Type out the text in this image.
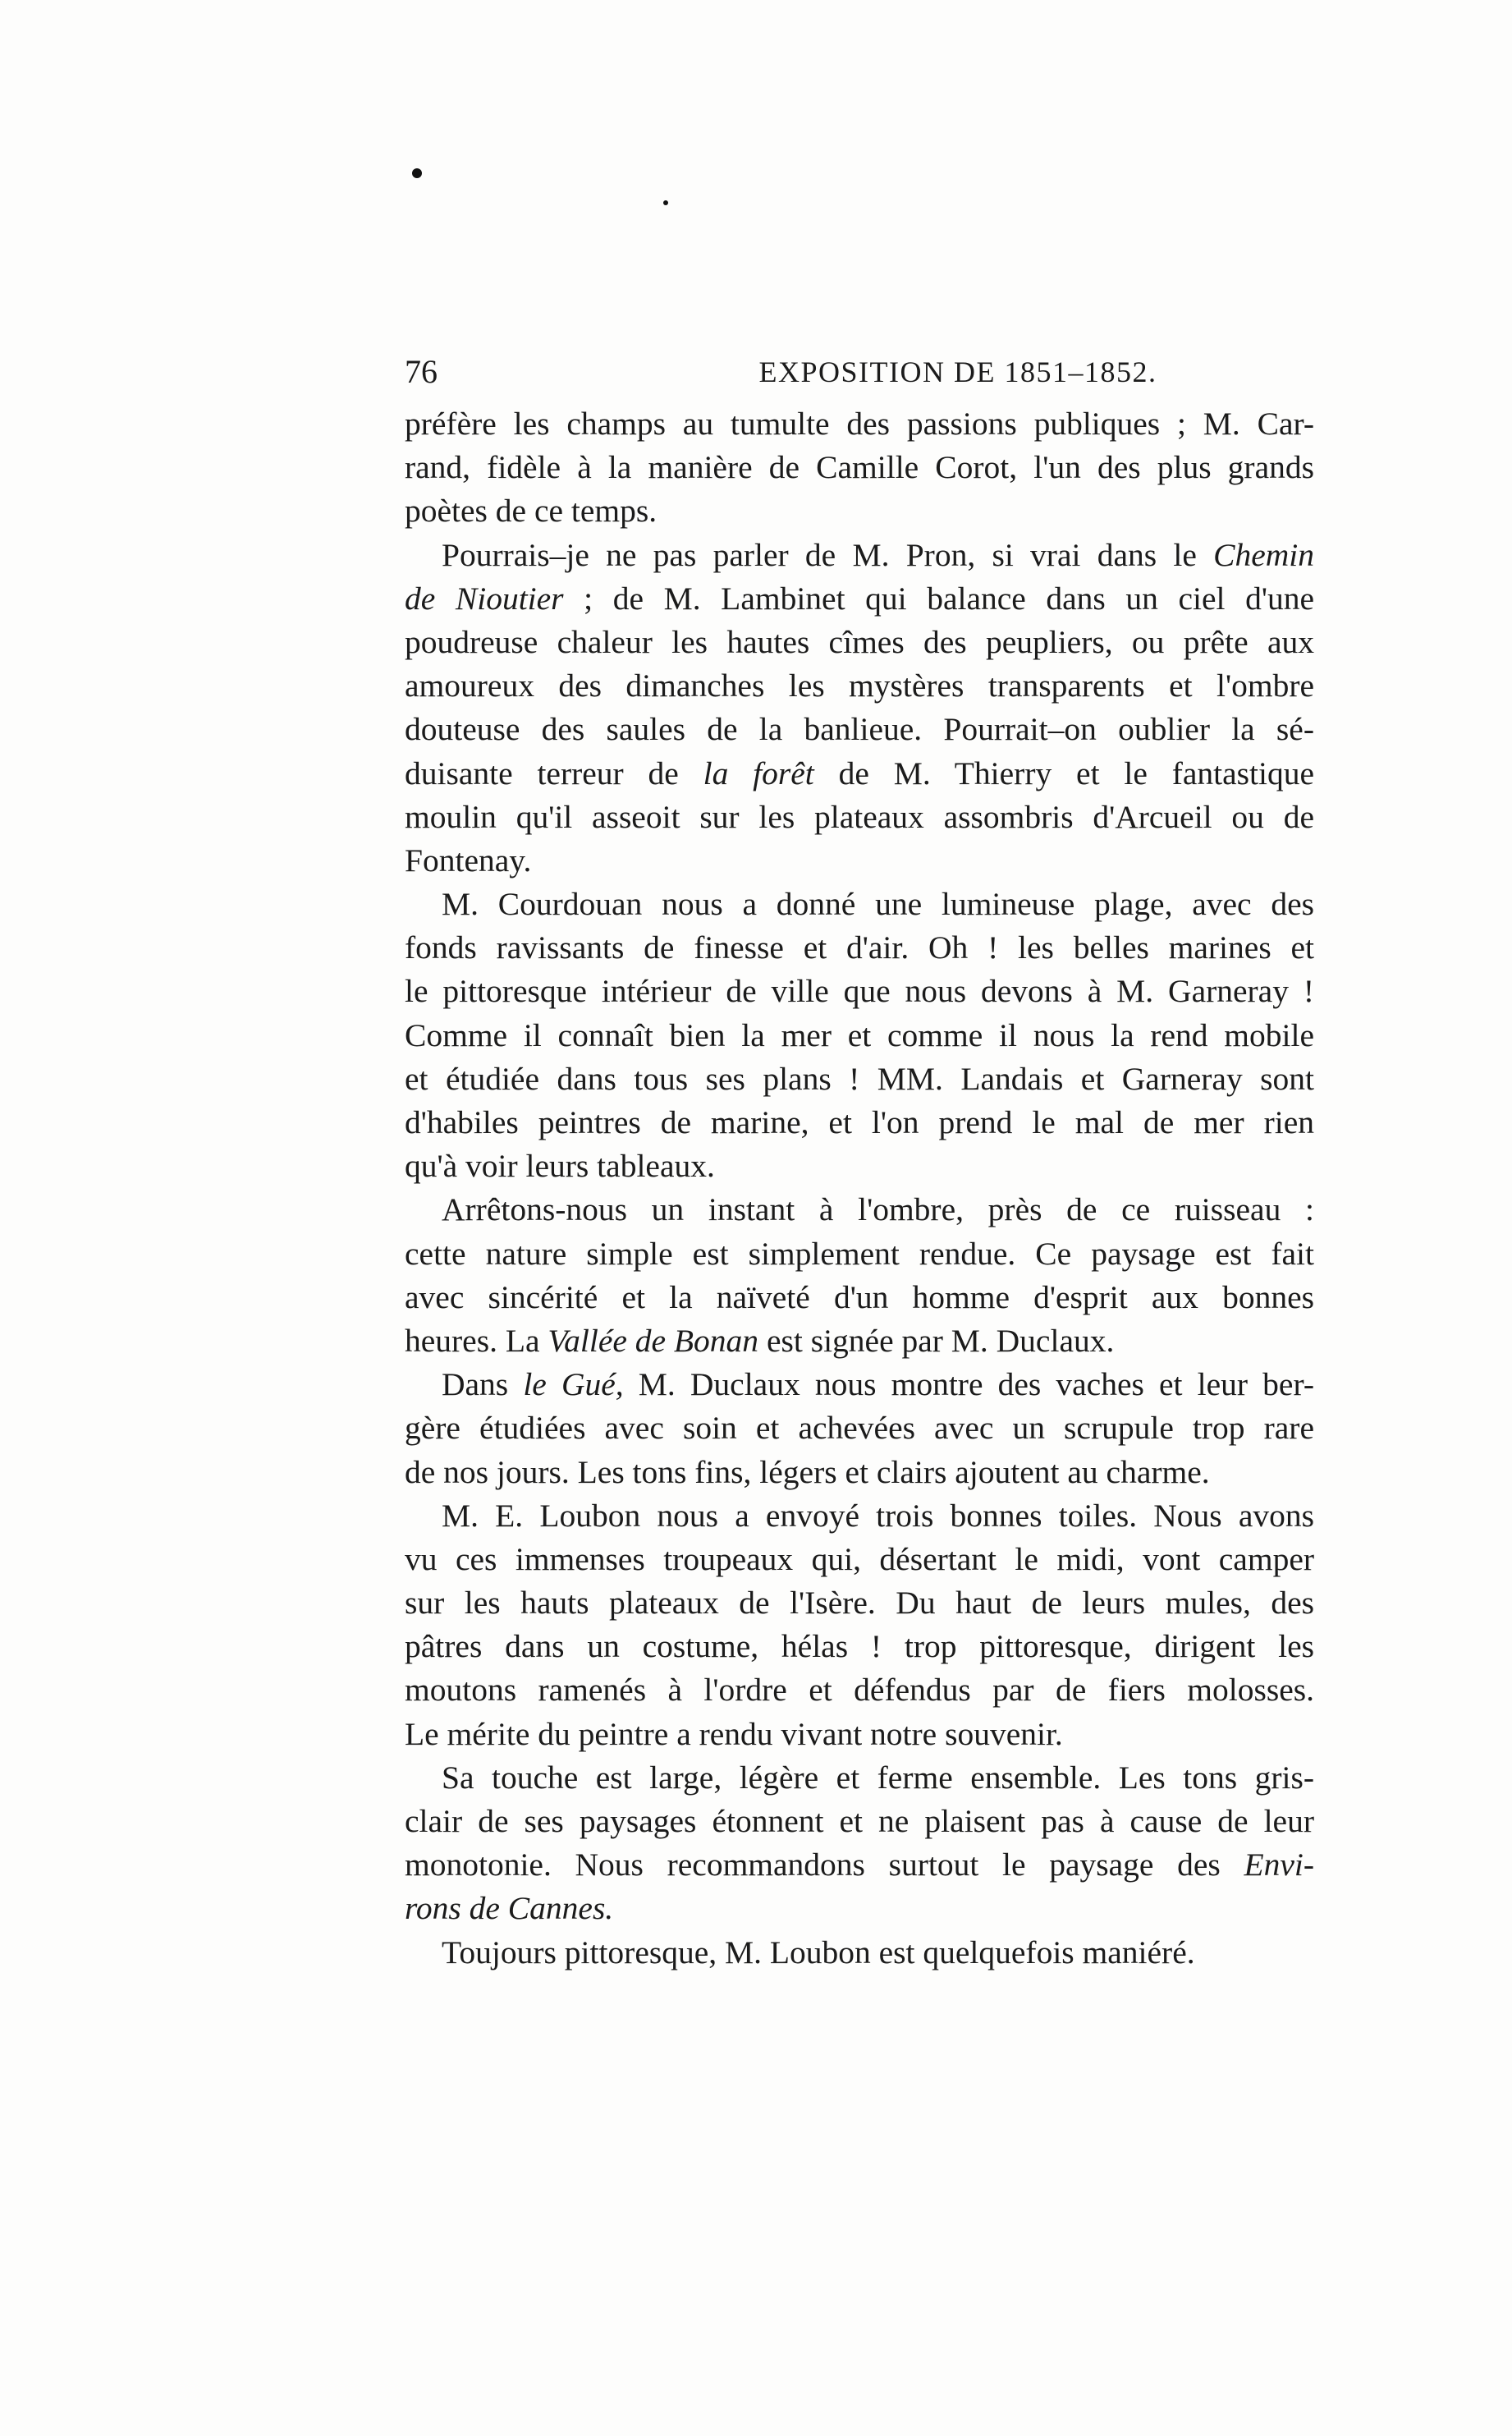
76	EXPOSITION DE 1851–1852.
préfère les champs au tumulte des passions publiques ; M. Car-
rand, fidèle à la manière de Camille Corot, l'un des plus grands
poètes de ce temps.
Pourrais–je ne pas parler de M. Pron, si vrai dans le Chemin
de Nioutier ; de M. Lambinet qui balance dans un ciel d'une
poudreuse chaleur les hautes cîmes des peupliers, ou prête aux
amoureux des dimanches les mystères transparents et l'ombre
douteuse des saules de la banlieue. Pourrait–on oublier la sé-
duisante terreur de la forêt de M. Thierry et le fantastique
moulin qu'il asseoit sur les plateaux assombris d'Arcueil ou de
Fontenay.
M. Courdouan nous a donné une lumineuse plage, avec des
fonds ravissants de finesse et d'air. Oh ! les belles marines et
le pittoresque intérieur de ville que nous devons à M. Garneray !
Comme il connaît bien la mer et comme il nous la rend mobile
et étudiée dans tous ses plans ! MM. Landais et Garneray sont
d'habiles peintres de marine, et l'on prend le mal de mer rien
qu'à voir leurs tableaux.
Arrêtons-nous un instant à l'ombre, près de ce ruisseau :
cette nature simple est simplement rendue. Ce paysage est fait
avec sincérité et la naïveté d'un homme d'esprit aux bonnes
heures. La Vallée de Bonan est signée par M. Duclaux.
Dans le Gué, M. Duclaux nous montre des vaches et leur ber-
gère étudiées avec soin et achevées avec un scrupule trop rare
de nos jours. Les tons fins, légers et clairs ajoutent au charme.
M. E. Loubon nous a envoyé trois bonnes toiles. Nous avons
vu ces immenses troupeaux qui, désertant le midi, vont camper
sur les hauts plateaux de l'Isère. Du haut de leurs mules, des
pâtres dans un costume, hélas ! trop pittoresque, dirigent les
moutons ramenés à l'ordre et défendus par de fiers molosses.
Le mérite du peintre a rendu vivant notre souvenir.
Sa touche est large, légère et ferme ensemble. Les tons gris-
clair de ses paysages étonnent et ne plaisent pas à cause de leur
monotonie. Nous recommandons surtout le paysage des Envi-
rons de Cannes.
Toujours pittoresque, M. Loubon est quelquefois maniéré.
